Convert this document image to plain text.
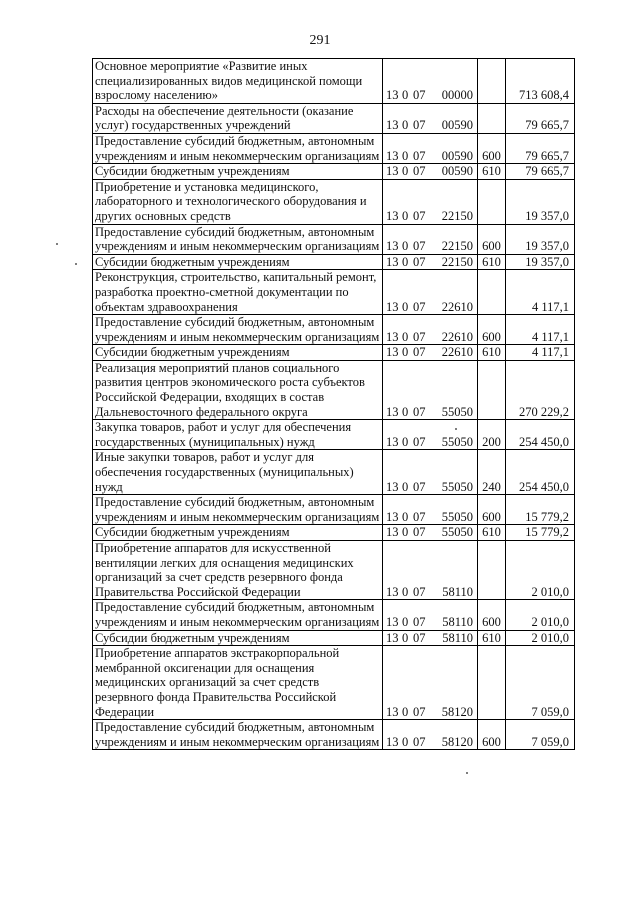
291
Основное мероприятие «Развитие иных специализированных видов медицинской помощи взрослому населению»	13 0 07 00000		713 608,4
Расходы на обеспечение деятельности (оказание услуг) государственных учреждений	13 0 07 00590		79 665,7
Предоставление субсидий бюджетным, автономным учреждениям и иным некоммерческим организациям	13 0 07 00590	600	79 665,7
Субсидии бюджетным учреждениям	13 0 07 00590	610	79 665,7
Приобретение и установка медицинского, лабораторного и технологического оборудования и других основных средств	13 0 07 22150		19 357,0
Предоставление субсидий бюджетным, автономным учреждениям и иным некоммерческим организациям	13 0 07 22150	600	19 357,0
Субсидии бюджетным учреждениям	13 0 07 22150	610	19 357,0
Реконструкция, строительство, капитальный ремонт, разработка проектно-сметной документации по объектам здравоохранения	13 0 07 22610		4 117,1
Предоставление субсидий бюджетным, автономным учреждениям и иным некоммерческим организациям	13 0 07 22610	600	4 117,1
Субсидии бюджетным учреждениям	13 0 07 22610	610	4 117,1
Реализация мероприятий планов социального развития центров экономического роста субъектов Российской Федерации, входящих в состав Дальневосточного федерального округа	13 0 07 55050		270 229,2
Закупка товаров, работ и услуг для обеспечения государственных (муниципальных) нужд	13 0 07 55050	200	254 450,0
Иные закупки товаров, работ и услуг для обеспечения государственных (муниципальных) нужд	13 0 07 55050	240	254 450,0
Предоставление субсидий бюджетным, автономным учреждениям и иным некоммерческим организациям	13 0 07 55050	600	15 779,2
Субсидии бюджетным учреждениям	13 0 07 55050	610	15 779,2
Приобретение аппаратов для искусственной вентиляции легких для оснащения медицинских организаций за счет средств резервного фонда Правительства Российской Федерации	13 0 07 58110		2 010,0
Предоставление субсидий бюджетным, автономным учреждениям и иным некоммерческим организациям	13 0 07 58110	600	2 010,0
Субсидии бюджетным учреждениям	13 0 07 58110	610	2 010,0
Приобретение аппаратов экстракорпоральной мембранной оксигенации для оснащения медицинских организаций за счет средств резервного фонда Правительства Российской Федерации	13 0 07 58120		7 059,0
Предоставление субсидий бюджетным, автономным учреждениям и иным некоммерческим организациям	13 0 07 58120	600	7 059,0
